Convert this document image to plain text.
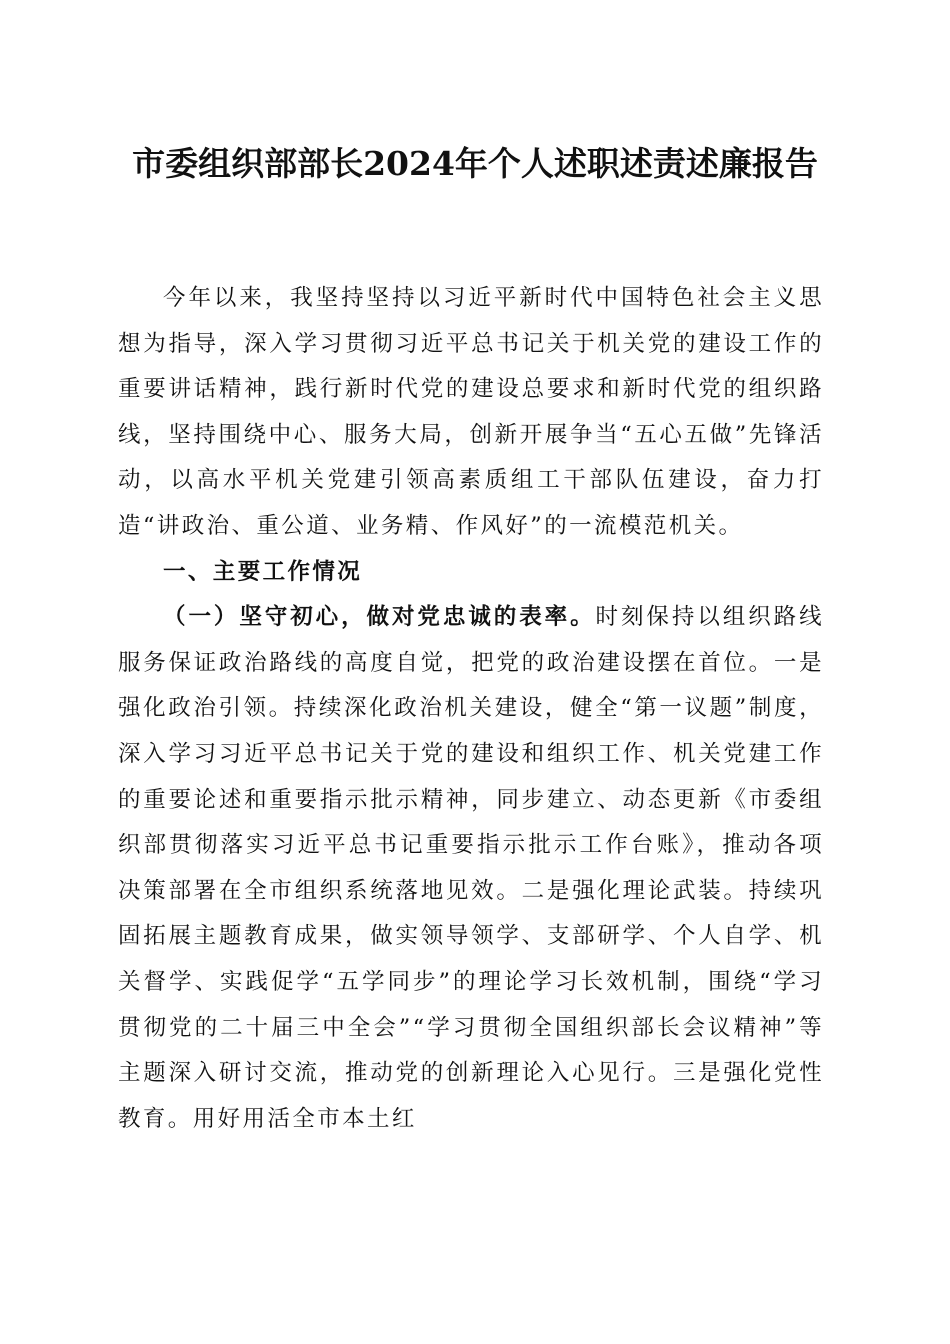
市委组织部部长2024年个人述职述责述廉报告

今年以来，我坚持坚持以习近平新时代中国特色社会主义思想为指导，深入学习贯彻习近平总书记关于机关党的建设工作的重要讲话精神，践行新时代党的建设总要求和新时代党的组织路线，坚持围绕中心、服务大局，创新开展争当“五心五做”先锋活动，以高水平机关党建引领高素质组工干部队伍建设，奋力打造“讲政治、重公道、业务精、作风好”的一流模范机关。

一、主要工作情况

（一）坚守初心，做对党忠诚的表率。时刻保持以组织路线服务保证政治路线的高度自觉，把党的政治建设摆在首位。一是强化政治引领。持续深化政治机关建设，健全“第一议题”制度，深入学习习近平总书记关于党的建设和组织工作、机关党建工作的重要论述和重要指示批示精神，同步建立、动态更新《市委组织部贯彻落实习近平总书记重要指示批示工作台账》，推动各项决策部署在全市组织系统落地见效。二是强化理论武装。持续巩固拓展主题教育成果，做实领导领学、支部研学、个人自学、机关督学、实践促学“五学同步”的理论学习长效机制，围绕“学习贯彻党的二十届三中全会”“学习贯彻全国组织部长会议精神”等主题深入研讨交流，推动党的创新理论入心见行。三是强化党性教育。用好用活全市本土红
